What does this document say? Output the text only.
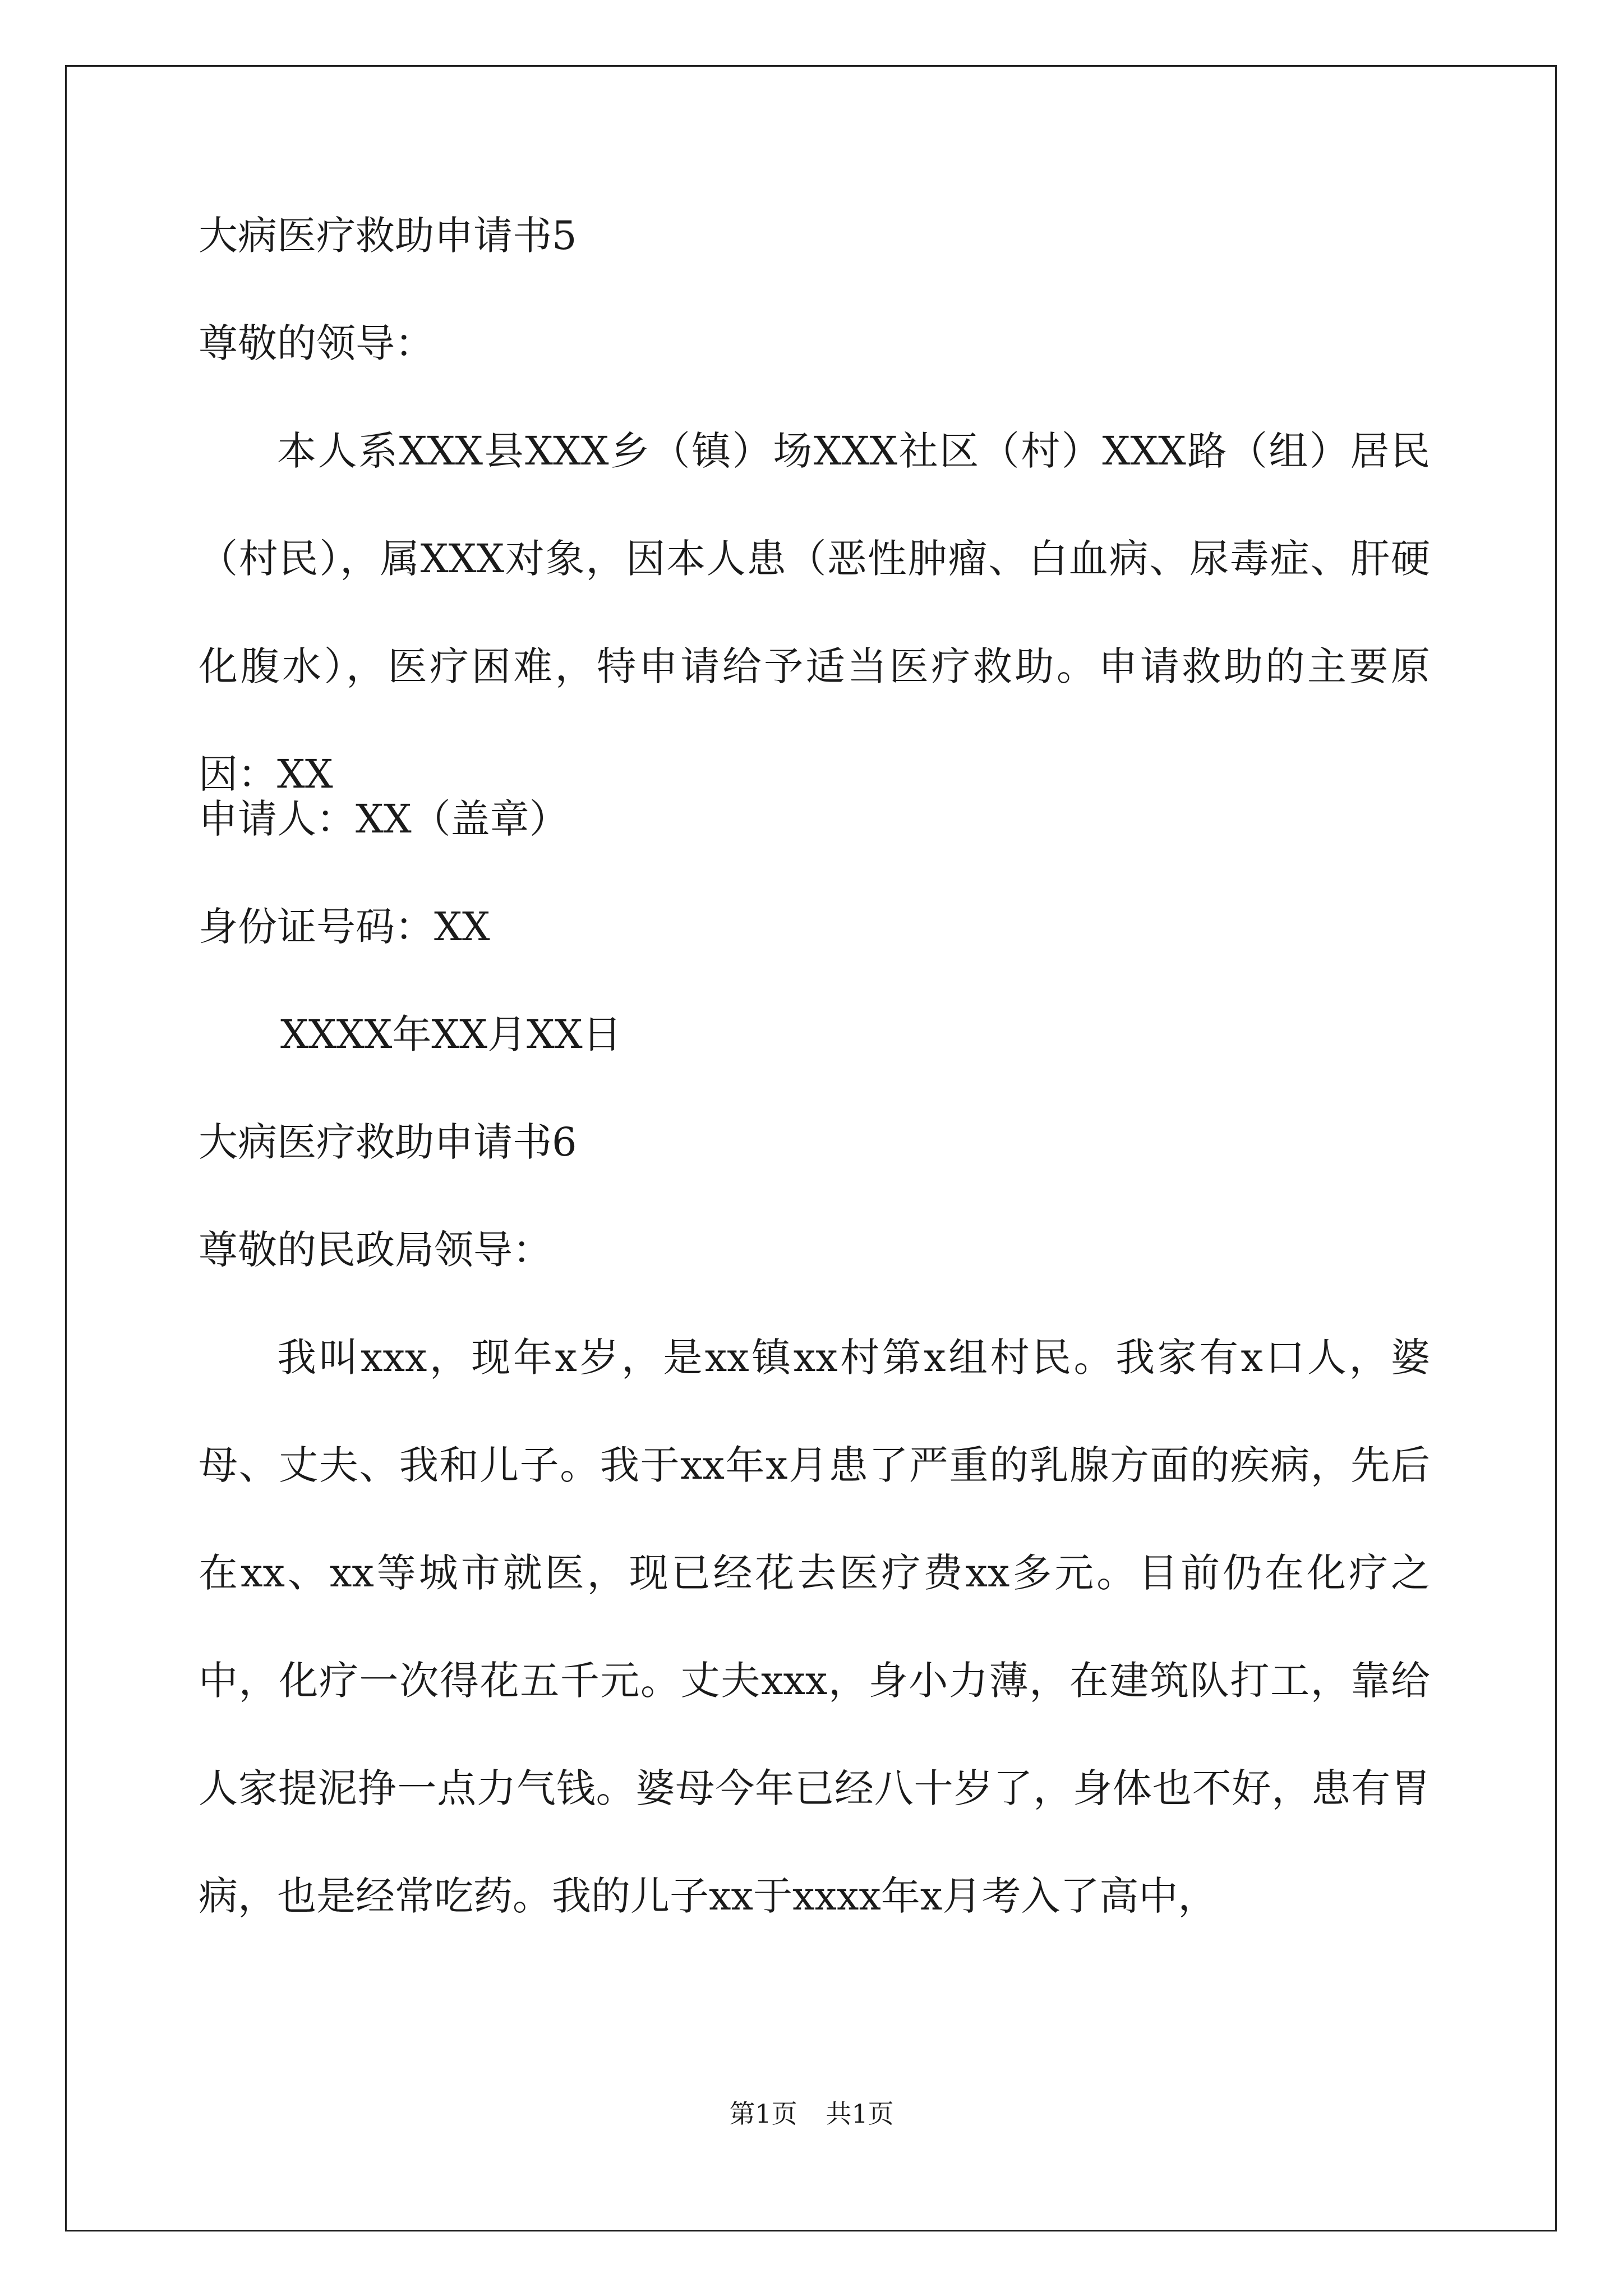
大病医疗救助申请书5
尊敬的领导：
本人系XXX县XXX乡（镇）场XXX社区（村）XXX路（组）居民（村民），属XXX对象，因本人患（恶性肿瘤、白血病、尿毒症、肝硬化腹水），医疗困难，特申请给予适当医疗救助。申请救助的主要原因：XX
申请人：XX（盖章）
身份证号码：XX
XXXX年XX月XX日
大病医疗救助申请书6
尊敬的民政局领导：
我叫xxx，现年x岁，是xx镇xx村第x组村民。我家有x口人，婆母、丈夫、我和儿子。我于xx年x月患了严重的乳腺方面的疾病，先后在xx、xx等城市就医，现已经花去医疗费xx多元。目前仍在化疗之中，化疗一次得花五千元。丈夫xxx，身小力薄，在建筑队打工，靠给人家提泥挣一点力气钱。婆母今年已经八十岁了，身体也不好，患有胃病，也是经常吃药。我的儿子xx于xxxx年x月考入了高中，
第1页 共1页
